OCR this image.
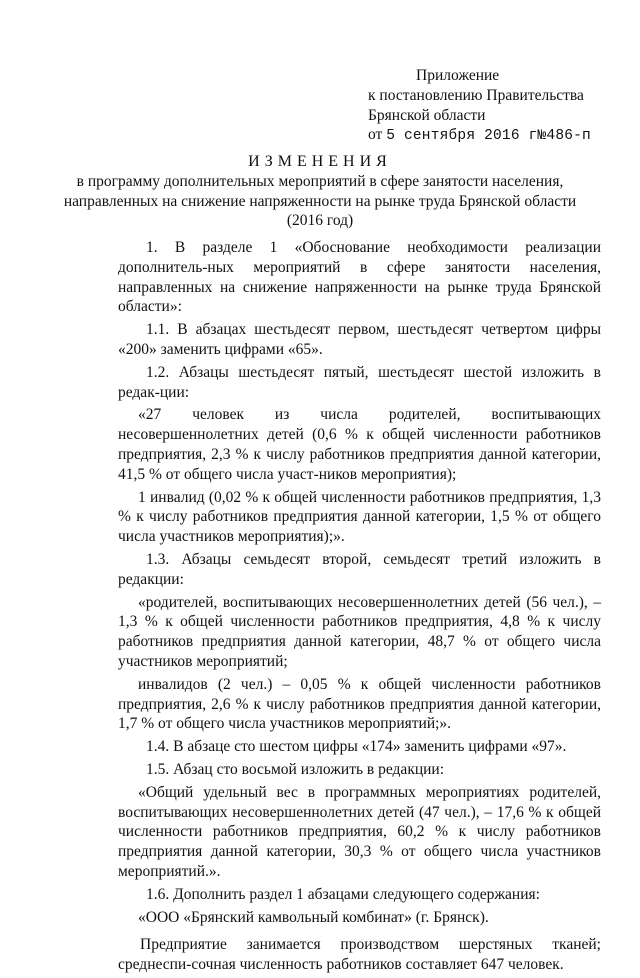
Приложение
к постановлению Правительства
Брянской области
от 5 сентября 2016 г№486-п
ИЗМЕНЕНИЯ
в программу дополнительных мероприятий в сфере занятости населения,
направленных на снижение напряженности на рынке труда Брянской области
(2016 год)

1. В разделе 1 «Обоснование необходимости реализации дополнитель-ных мероприятий в сфере занятости населения, направленных на снижение напряженности на рынке труда Брянской области»:

1.1. В абзацах шестьдесят первом, шестьдесят четвертом цифры «200» заменить цифрами «65».

1.2. Абзацы шестьдесят пятый, шестьдесят шестой изложить в редак-ции:

«27 человек из числа родителей, воспитывающих несовершеннолетних детей (0,6 % к общей численности работников предприятия, 2,3 % к числу работников предприятия данной категории, 41,5 % от общего числа участ-ников мероприятия);

1 инвалид (0,02 % к общей численности работников предприятия, 1,3 % к числу работников предприятия данной категории, 1,5 % от общего числа участников мероприятия);».

1.3. Абзацы семьдесят второй, семьдесят третий изложить в редакции:

«родителей, воспитывающих несовершеннолетних детей (56 чел.), – 1,3 % к общей численности работников предприятия, 4,8 % к числу работников предприятия данной категории, 48,7 % от общего числа участников мероприятий;

инвалидов (2 чел.) – 0,05 % к общей численности работников предприятия, 2,6 % к числу работников предприятия данной категории, 1,7 % от общего числа участников мероприятий;».

1.4. В абзаце сто шестом цифры «174» заменить цифрами «97».

1.5. Абзац сто восьмой изложить в редакции:

«Общий удельный вес в программных мероприятиях родителей, воспитывающих несовершеннолетних детей (47 чел.), – 17,6 % к общей численности работников предприятия, 60,2 % к числу работников предприятия данной категории, 30,3 % от общего числа участников мероприятий.».

1.6. Дополнить раздел 1 абзацами следующего содержания:

«ООО «Брянский камвольный комбинат» (г. Брянск).

Предприятие занимается производством шерстяных тканей; среднеспи-сочная численность работников составляет 647 человек.
